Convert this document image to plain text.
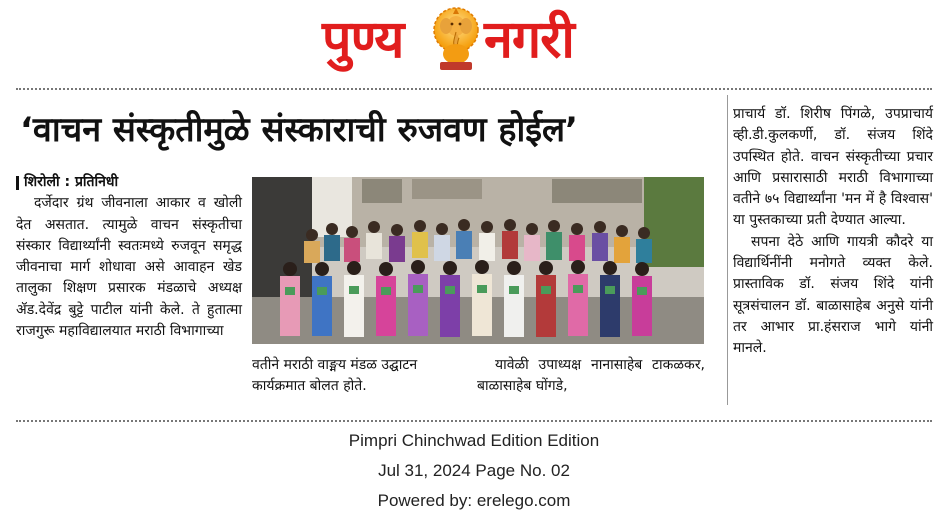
पुण्य नगरी
‘वाचन संस्कृतीमुळे संस्काराची रुजवण होईल’

शिरोली : प्रतिनिधी

दर्जेदार ग्रंथ जीवनाला आकार व खोली देत असतात. त्यामुळे वाचन संस्कृतीचा संस्कार विद्यार्थ्यांनी स्वतःमध्ये रुजवून समृद्ध जीवनाचा मार्ग शोधावा असे आवाहन खेड तालुका शिक्षण प्रसारक मंडळाचे अध्यक्ष ॲड.देवेंद्र बुट्टे पाटील यांनी केले. ते हुतात्मा राजगुरू महाविद्यालयात मराठी विभागाच्या

वतीने मराठी वाङ्मय मंडळ उद्घाटन कार्यक्रमात बोलत होते.

यावेळी उपाध्यक्ष नानासाहेब टाकळकर, बाळासाहेब घोंगडे,

प्राचार्य डॉ. शिरीष पिंगळे, उपप्राचार्य व्ही.डी.कुलकर्णी, डॉ. संजय शिंदे उपस्थित होते. वाचन संस्कृतीच्या प्रचार आणि प्रसारासाठी मराठी विभागाच्या वतीने ७५ विद्यार्थ्यांना 'मन में है विश्वास' या पुस्तकाच्या प्रती देण्यात आल्या.

सपना देठे आणि गायत्री कौदरे या विद्यार्थिनींनी मनोगते व्यक्त केले. प्रास्ताविक डॉ. संजय शिंदे यांनी सूत्रसंचालन डॉ. बाळासाहेब अनुसे यांनी तर आभार प्रा.हंसराज भागे यांनी मानले.

Pimpri Chinchwad Edition Edition
Jul 31, 2024 Page No. 02
Powered by: erelego.com
